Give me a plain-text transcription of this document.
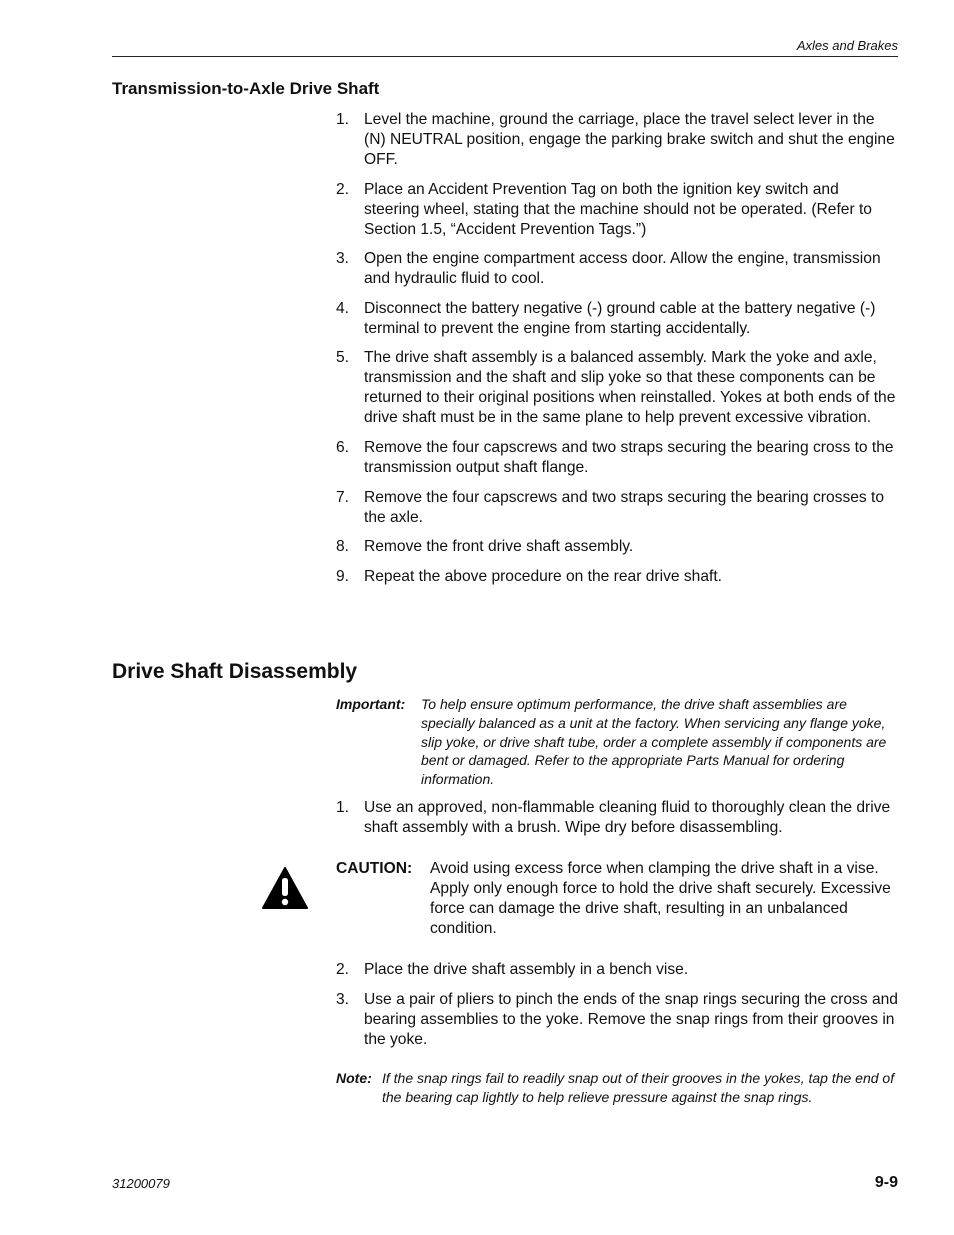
Axles and Brakes
Transmission-to-Axle Drive Shaft
1. Level the machine, ground the carriage, place the travel select lever in the (N) NEUTRAL position, engage the parking brake switch and shut the engine OFF.
2. Place an Accident Prevention Tag on both the ignition key switch and steering wheel, stating that the machine should not be operated. (Refer to Section 1.5, “Accident Prevention Tags.”)
3. Open the engine compartment access door. Allow the engine, transmission and hydraulic fluid to cool.
4. Disconnect the battery negative (-) ground cable at the battery negative (-) terminal to prevent the engine from starting accidentally.
5. The drive shaft assembly is a balanced assembly. Mark the yoke and axle, transmission and the shaft and slip yoke so that these components can be returned to their original positions when reinstalled. Yokes at both ends of the drive shaft must be in the same plane to help prevent excessive vibration.
6. Remove the four capscrews and two straps securing the bearing cross to the transmission output shaft flange.
7. Remove the four capscrews and two straps securing the bearing crosses to the axle.
8. Remove the front drive shaft assembly.
9. Repeat the above procedure on the rear drive shaft.
Drive Shaft Disassembly
Important:	To help ensure optimum performance, the drive shaft assemblies are specially balanced as a unit at the factory. When servicing any flange yoke, slip yoke, or drive shaft tube, order a complete assembly if components are bent or damaged. Refer to the appropriate Parts Manual for ordering information.
1. Use an approved, non-flammable cleaning fluid to thoroughly clean the drive shaft assembly with a brush. Wipe dry before disassembling.
CAUTION:	Avoid using excess force when clamping the drive shaft in a vise. Apply only enough force to hold the drive shaft securely. Excessive force can damage the drive shaft, resulting in an unbalanced condition.
2. Place the drive shaft assembly in a bench vise.
3. Use a pair of pliers to pinch the ends of the snap rings securing the cross and bearing assemblies to the yoke. Remove the snap rings from their grooves in the yoke.
Note: If the snap rings fail to readily snap out of their grooves in the yokes, tap the end of the bearing cap lightly to help relieve pressure against the snap rings.
31200079	9-9
